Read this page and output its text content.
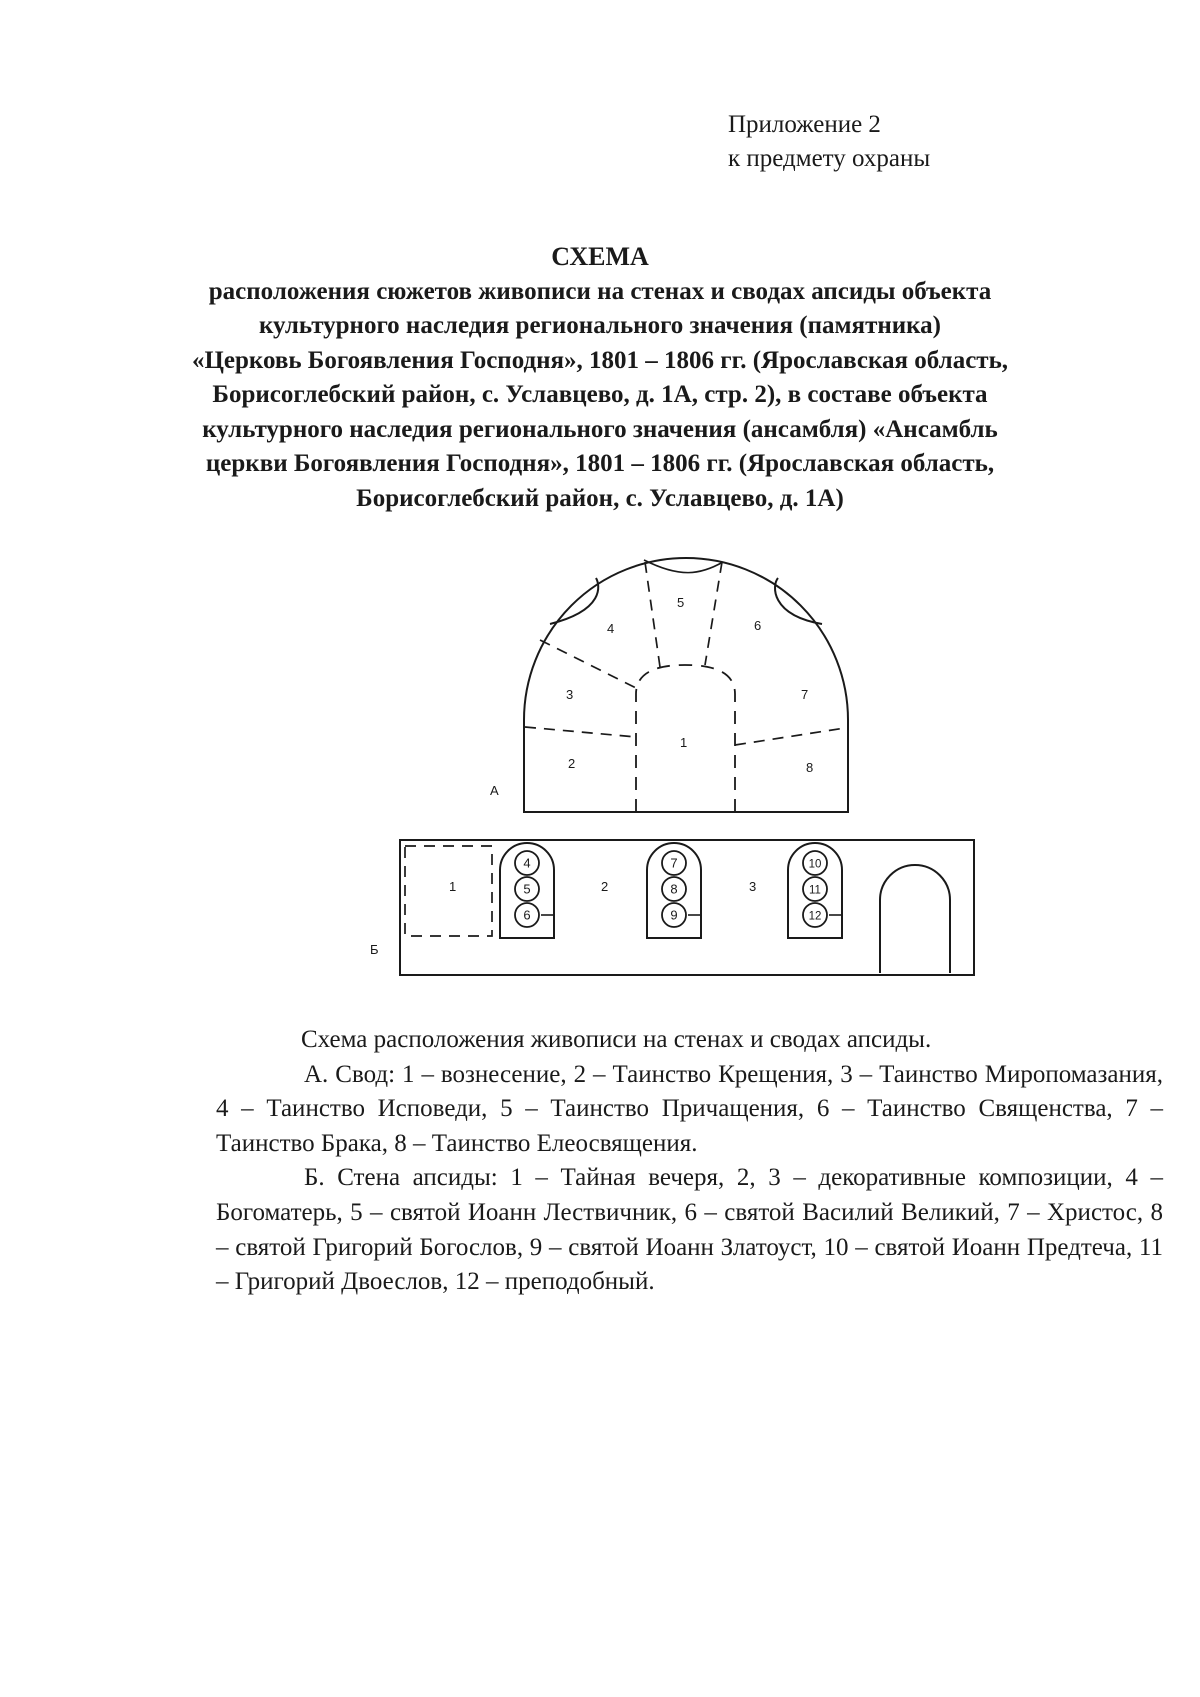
Приложение 2
к предмету охраны
СХЕМА
расположения сюжетов живописи на стенах и сводах апсиды объекта
культурного наследия регионального значения (памятника)
«Церковь Богоявления Господня», 1801 – 1806 гг. (Ярославская область,
Борисоглебский район, с. Уславцево, д. 1А, стр. 2), в составе объекта
культурного наследия регионального значения (ансамбля) «Ансамбль
церкви Богоявления Господня», 1801 – 1806 гг. (Ярославская область,
Борисоглебский район, с. Уславцево, д. 1А)
1
2
3
4
5
6
7
8
А
4
5
6
7
8
9
10
11
12
1	2	3
Б

Схема расположения живописи на стенах и сводах апсиды.

А. Свод: 1 – вознесение, 2 – Таинство Крещения, 3 – Таинство Миропомазания, 4 – Таинство Исповеди, 5 – Таинство Причащения, 6 – Таинство Священства, 7 – Таинство Брака, 8 – Таинство Елеосвящения.

Б. Стена апсиды: 1 – Тайная вечеря, 2, 3 – декоративные композиции, 4 – Богоматерь, 5 – святой Иоанн Лествичник, 6 – святой Василий Великий, 7 – Христос, 8 – святой Григорий Богослов, 9 – святой Иоанн Златоуст, 10 – святой Иоанн Предтеча, 11 – Григорий Двоеслов, 12 – преподобный.
